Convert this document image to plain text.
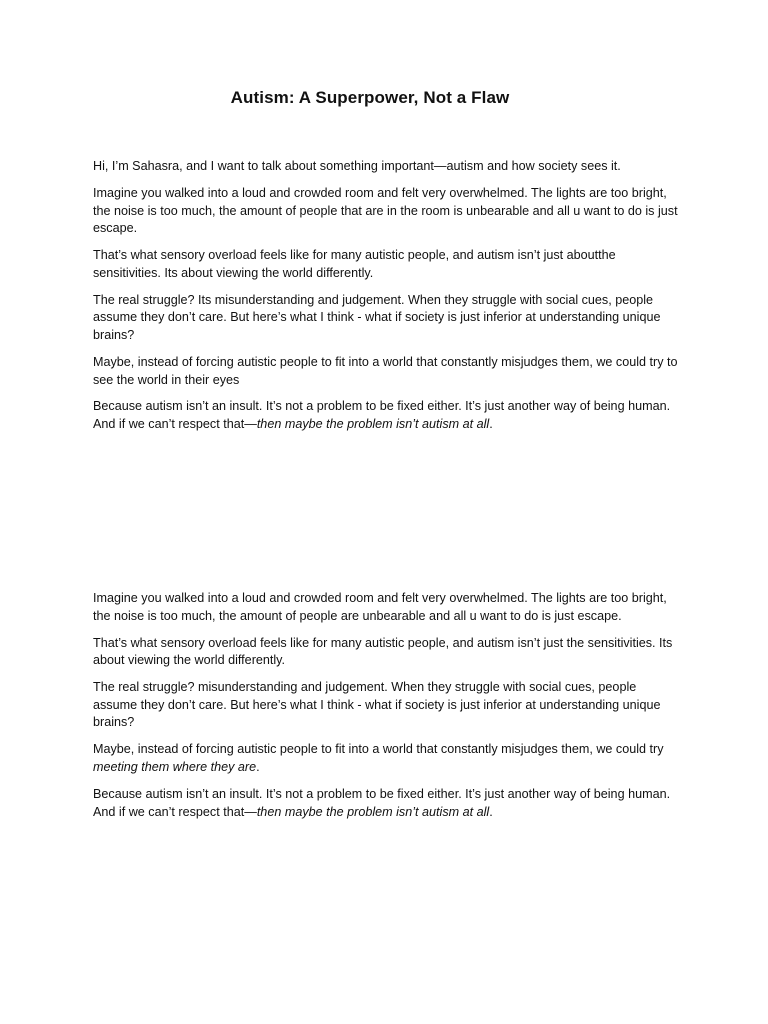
Autism: A Superpower, Not a Flaw

Hi, I’m Sahasra, and I want to talk about something important—autism and how society sees it.

Imagine you walked into a loud and crowded room and felt very overwhelmed. The lights are too bright, the noise is too much, the amount of people that are in the room is unbearable and all u want to do is just escape.

That’s what sensory overload feels like for many autistic people, and autism isn’t just aboutthe sensitivities. Its about viewing the world differently.

The real struggle? Its misunderstanding and judgement. When they struggle with social cues, people assume they don’t care. But here’s what I think - what if society is just inferior at understanding unique brains?

Maybe, instead of forcing autistic people to fit into a world that constantly misjudges them, we could try to see the world in their eyes

Because autism isn’t an insult. It’s not a problem to be fixed either. It’s just another way of being human. And if we can’t respect that—then maybe the problem isn’t autism at all.

Imagine you walked into a loud and crowded room and felt very overwhelmed. The lights are too bright, the noise is too much, the amount of people are unbearable and all u want to do is just escape.

That’s what sensory overload feels like for many autistic people, and autism isn’t just the sensitivities. Its about viewing the world differently.

The real struggle? misunderstanding and judgement. When they struggle with social cues, people assume they don’t care. But here’s what I think - what if society is just inferior at understanding unique brains?

Maybe, instead of forcing autistic people to fit into a world that constantly misjudges them, we could try meeting them where they are.

Because autism isn’t an insult. It’s not a problem to be fixed either. It’s just another way of being human. And if we can’t respect that—then maybe the problem isn’t autism at all.
